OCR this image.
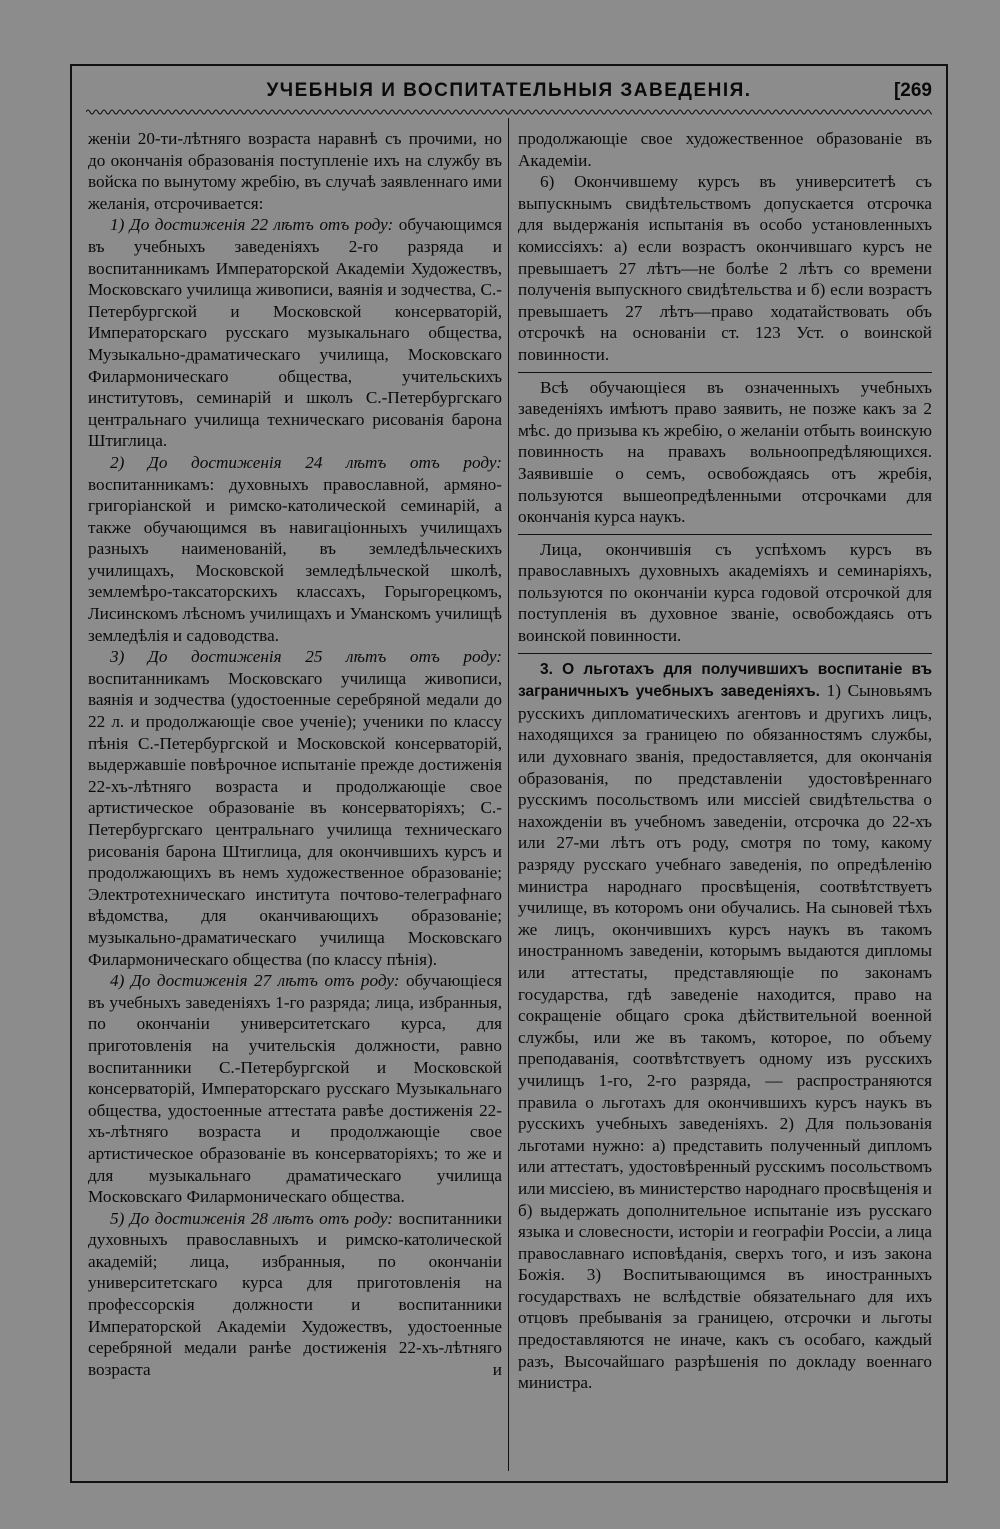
УЧЕБНЫЯ И ВОСПИТАТЕЛЬНЫЯ ЗАВЕДЕНІЯ.	[269

женіи 20-ти-лѣтняго возраста наравнѣ съ прочими, но до окончанія образованія поступленіе ихъ на службу въ войска по вынутому жребію, въ случаѣ заявленнаго ими желанія, отсрочивается:

1) До достиженія 22 лѣтъ отъ роду: обучающимся въ учебныхъ заведеніяхъ 2-го разряда и воспитанникамъ Императорской Академіи Художествъ, Московскаго училища живописи, ваянія и зодчества, С.-Петербургской и Московской консерваторій, Императорскаго русскаго музыкальнаго общества, Музыкально-драматическаго училища, Московскаго Филармоническаго общества, учительскихъ институтовъ, семинарій и школъ С.-Петербургскаго центральнаго училища техническаго рисованія барона Штиглица.

2) До достиженія 24 лѣтъ отъ роду: воспитанникамъ: духовныхъ православной, армяно-григоріанской и римско-католической семинарій, а также обучающимся въ навигаціонныхъ училищахъ разныхъ наименованій, въ земледѣльческихъ училищахъ, Московской земледѣльческой школѣ, землемѣро-таксаторскихъ классахъ, Горыгорецкомъ, Лисинскомъ лѣсномъ училищахъ и Уманскомъ училищѣ земледѣлія и садоводства.

3) До достиженія 25 лѣтъ отъ роду: воспитанникамъ Московскаго училища живописи, ваянія и зодчества (удостоенные серебряной медали до 22 л. и продолжающіе свое ученіе); ученики по классу пѣнія С.-Петербургской и Московской консерваторій, выдержавшіе повѣрочное испытаніе прежде достиженія 22-хъ-лѣтняго возраста и продолжающіе свое артистическое образованіе въ консерваторіяхъ; С.-Петербургскаго центральнаго училища техническаго рисованія барона Штиглица, для окончившихъ курсъ и продолжающихъ въ немъ художественное образованіе; Электротехническаго института почтово-телеграфнаго вѣдомства, для оканчивающихъ образованіе; музыкально-драматическаго училища Московскаго Филармоническаго общества (по классу пѣнія).

4) До достиженія 27 лѣтъ отъ роду: обучающіеся въ учебныхъ заведеніяхъ 1-го разряда; лица, избранныя, по окончаніи университетскаго курса, для приготовленія на учительскія должности, равно воспитанники С.-Петербургской и Московской консерваторій, Императорскаго русскаго Музыкальнаго общества, удостоенные аттестата равѣе достиженія 22-хъ-лѣтняго возраста и продолжающіе свое артистическое образованіе въ консерваторіяхъ; то же и для музыкальнаго драматическаго училища Московскаго Филармоническаго общества.

5) До достиженія 28 лѣтъ отъ роду: воспитанники духовныхъ православныхъ и римско-католической академій; лица, избранныя, по окончаніи университетскаго курса для приготовленія на профессорскія должности и воспитанники Императорской Академіи Художествъ, удостоенные серебряной медали ранѣе достиженія 22-хъ-лѣтняго возраста и

продолжающіе свое художественное образованіе въ Академіи.

6) Окончившему курсъ въ университетѣ съ выпускнымъ свидѣтельствомъ допускается отсрочка для выдержанія испытанія въ особо установленныхъ комиссіяхъ: а) если возрастъ окончившаго курсъ не превышаетъ 27 лѣтъ—не болѣе 2 лѣтъ со времени полученія выпускного свидѣтельства и б) если возрастъ превышаетъ 27 лѣтъ—право ходатайствовать объ отсрочкѣ на основаніи ст. 123 Уст. о воинской повинности.

Всѣ обучающіеся въ означенныхъ учебныхъ заведеніяхъ имѣютъ право заявить, не позже какъ за 2 мѣс. до призыва къ жребію, о желаніи отбыть воинскую повинность на правахъ вольноопредѣляющихся. Заявившіе о семъ, освобождаясь отъ жребія, пользуются вышеопредѣленными отсрочками для окончанія курса наукъ.

Лица, окончившія съ успѣхомъ курсъ въ православныхъ духовныхъ академіяхъ и семинаріяхъ, пользуются по окончаніи курса годовой отсрочкой для поступленія въ духовное званіе, освобождаясь отъ воинской повинности.

3. О льготахъ для получившихъ воспитаніе въ заграничныхъ учебныхъ заведеніяхъ. 1) Сыновьямъ русскихъ дипломатическихъ агентовъ и другихъ лицъ, находящихся за границею по обязанностямъ службы, или духовнаго званія, предоставляется, для окончанія образованія, по представленіи удостовѣреннаго русскимъ посольствомъ или миссіей свидѣтельства о нахожденіи въ учебномъ заведеніи, отсрочка до 22-хъ или 27-ми лѣтъ отъ роду, смотря по тому, какому разряду русскаго учебнаго заведенія, по опредѣленію министра народнаго просвѣщенія, соотвѣтствуетъ училище, въ которомъ они обучались. На сыновей тѣхъ же лицъ, окончившихъ курсъ наукъ въ такомъ иностранномъ заведеніи, которымъ выдаются дипломы или аттестаты, представляющіе по законамъ государства, гдѣ заведеніе находится, право на сокращеніе общаго срока дѣйствительной военной службы, или же въ такомъ, которое, по объему преподаванія, соотвѣтствуетъ одному изъ русскихъ училищъ 1-го, 2-го разряда, — распространяются правила о льготахъ для окончившихъ курсъ наукъ въ русскихъ учебныхъ заведеніяхъ. 2) Для пользованія льготами нужно: а) представить полученный дипломъ или аттестатъ, удостовѣренный русскимъ посольствомъ или миссіею, въ министерство народнаго просвѣщенія и б) выдержать дополнительное испытаніе изъ русскаго языка и словесности, исторіи и географіи Россіи, а лица православнаго исповѣданія, сверхъ того, и изъ закона Божія. 3) Воспитывающимся въ иностранныхъ государствахъ не вслѣдствіе обязательнаго для ихъ отцовъ пребыванія за границею, отсрочки и льготы предоставляются не иначе, какъ съ особаго, каждый разъ, Высочайшаго разрѣшенія по докладу военнаго министра.
